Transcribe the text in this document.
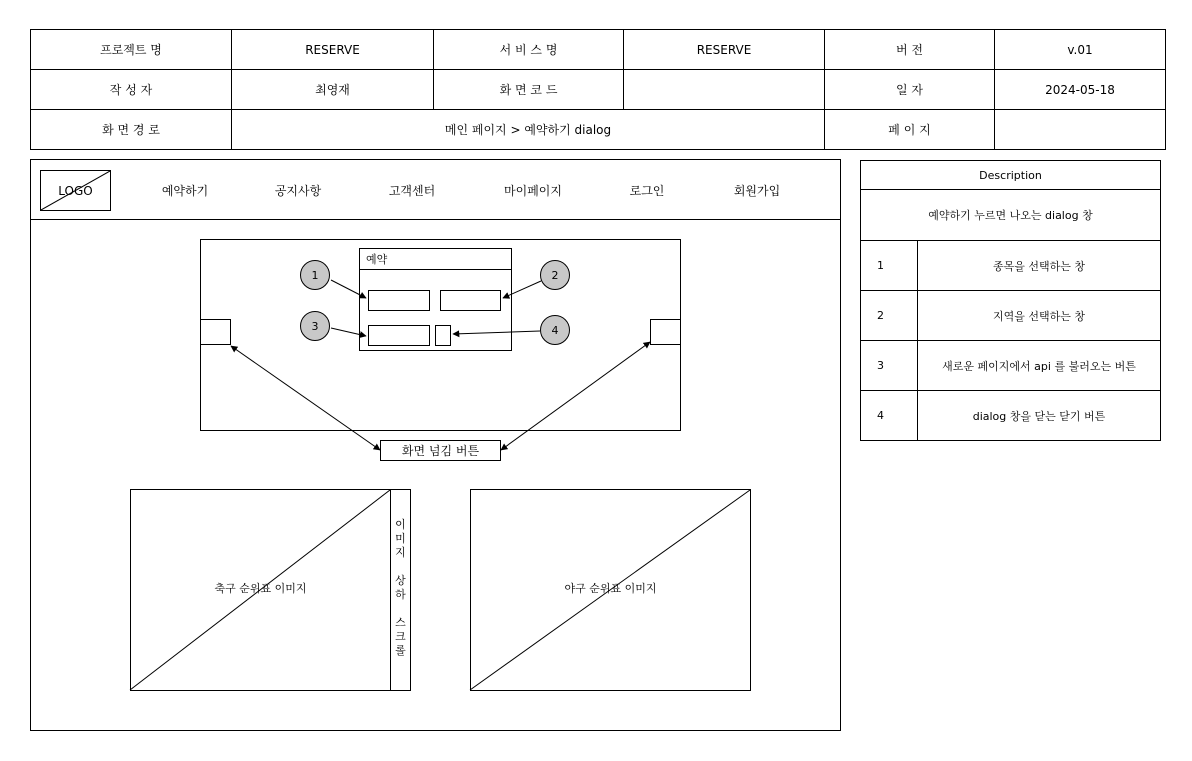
프로젝트 명	RESERVE	서 비 스 명	RESERVE	버 전	v.01
작 성 자	최영재	화 면 코 드		일 자	2024-05-18
화 면 경 로	메인 페이지 > 예약하기 dialog			페 이 지	
LOGO	예약하기	공지사항	고객센터	마이페이지	로그인	회원가입
예약
1	2
3	4
화면 넘김 버튼
축구 순위표 이미지	야구 순위표 이미지
이
미
지
상
하
스
크
롤
Description	
예약하기 누르면 나오는 dialog 창	
1	종목을 선택하는 창
2	지역을 선택하는 창
3	새로운 페이지에서 api 를 불러오는 버튼
4	dialog 창을 닫는 닫기 버튼
